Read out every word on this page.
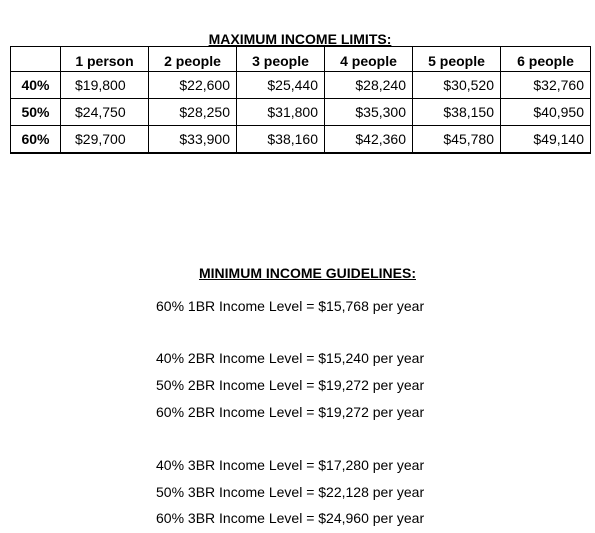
MAXIMUM INCOME LIMITS:
	1 person	2 people	3 people	4 people	5 people	6 people
40%	$19,800	$22,600	$25,440	$28,240	$30,520	$32,760
50%	$24,750	$28,250	$31,800	$35,300	$38,150	$40,950
60%	$29,700	$33,900	$38,160	$42,360	$45,780	$49,140
MINIMUM INCOME GUIDELINES:
60% 1BR Income Level = $15,768 per year
40% 2BR Income Level = $15,240 per year
50% 2BR Income Level = $19,272 per year
60% 2BR Income Level = $19,272 per year
40% 3BR Income Level = $17,280 per year
50% 3BR Income Level = $22,128 per year
60% 3BR Income Level = $24,960 per year
